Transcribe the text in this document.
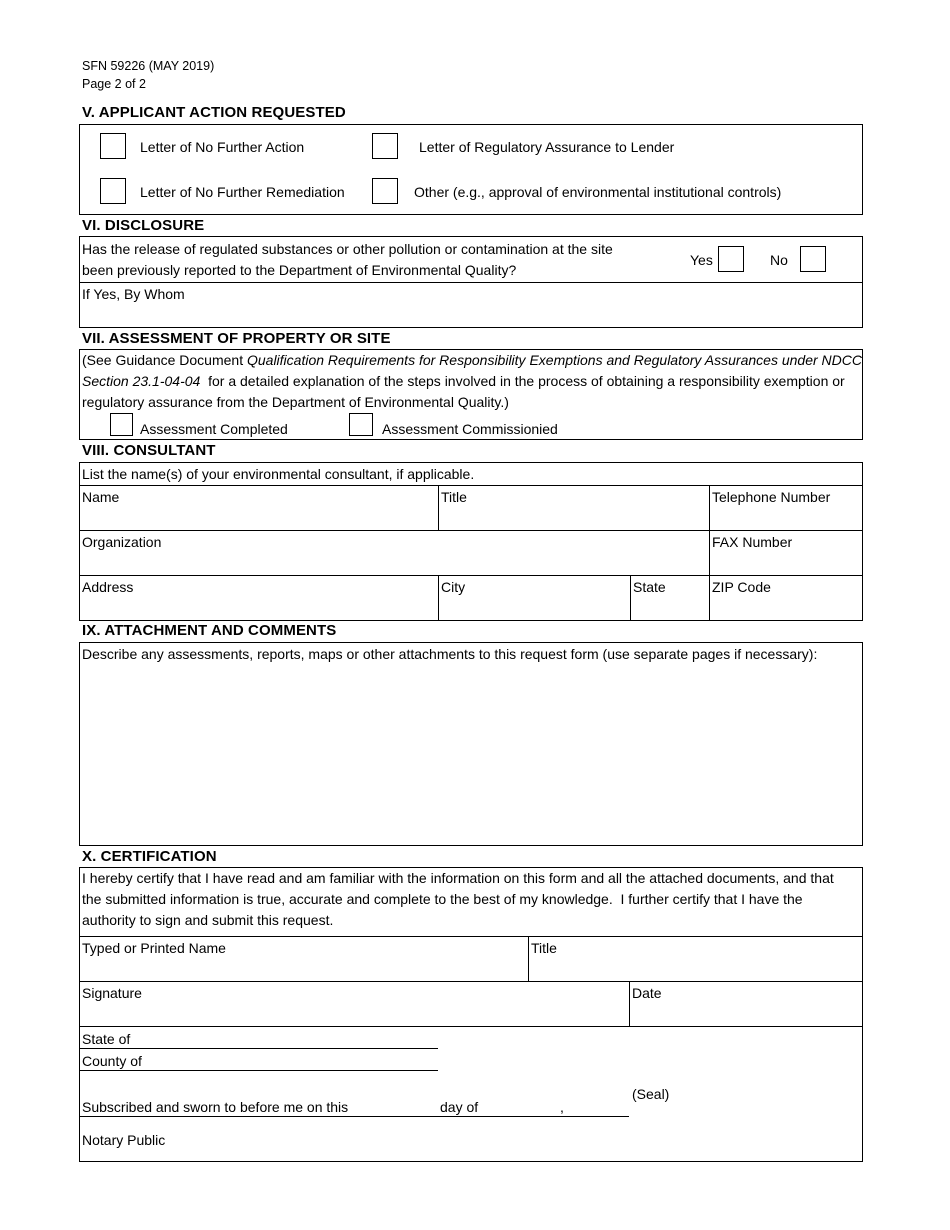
SFN 59226 (MAY 2019)
Page 2 of 2
V. APPLICANT ACTION REQUESTED
Letter of No Further Action	Letter of Regulatory Assurance to Lender
Letter of No Further Remediation	Other (e.g., approval of environmental institutional controls)
VI. DISCLOSURE
Has the release of regulated substances or other pollution or contamination at the site
been previously reported to the Department of Environmental Quality?
Yes	No
If Yes, By Whom
VII. ASSESSMENT OF PROPERTY OR SITE
(See Guidance Document Qualification Requirements for Responsibility Exemptions and Regulatory Assurances under NDCC
Section 23.1-04-04  for a detailed explanation of the steps involved in the process of obtaining a responsibility exemption or
regulatory assurance from the Department of Environmental Quality.)
Assessment Completed	Assessment Commissionied
VIII. CONSULTANT
List the name(s) of your environmental consultant, if applicable.
Name	Title	Telephone Number
Organization	FAX Number
Address	City	State	ZIP Code
IX. ATTACHMENT AND COMMENTS
Describe any assessments, reports, maps or other attachments to this request form (use separate pages if necessary):
X. CERTIFICATION
I hereby certify that I have read and am familiar with the information on this form and all the attached documents, and that
the submitted information is true, accurate and complete to the best of my knowledge.  I further certify that I have the
authority to sign and submit this request.
Typed or Printed Name	Title
Signature	Date
State of
County of
(Seal)
Subscribed and sworn to before me on this	day of	,
Notary Public
